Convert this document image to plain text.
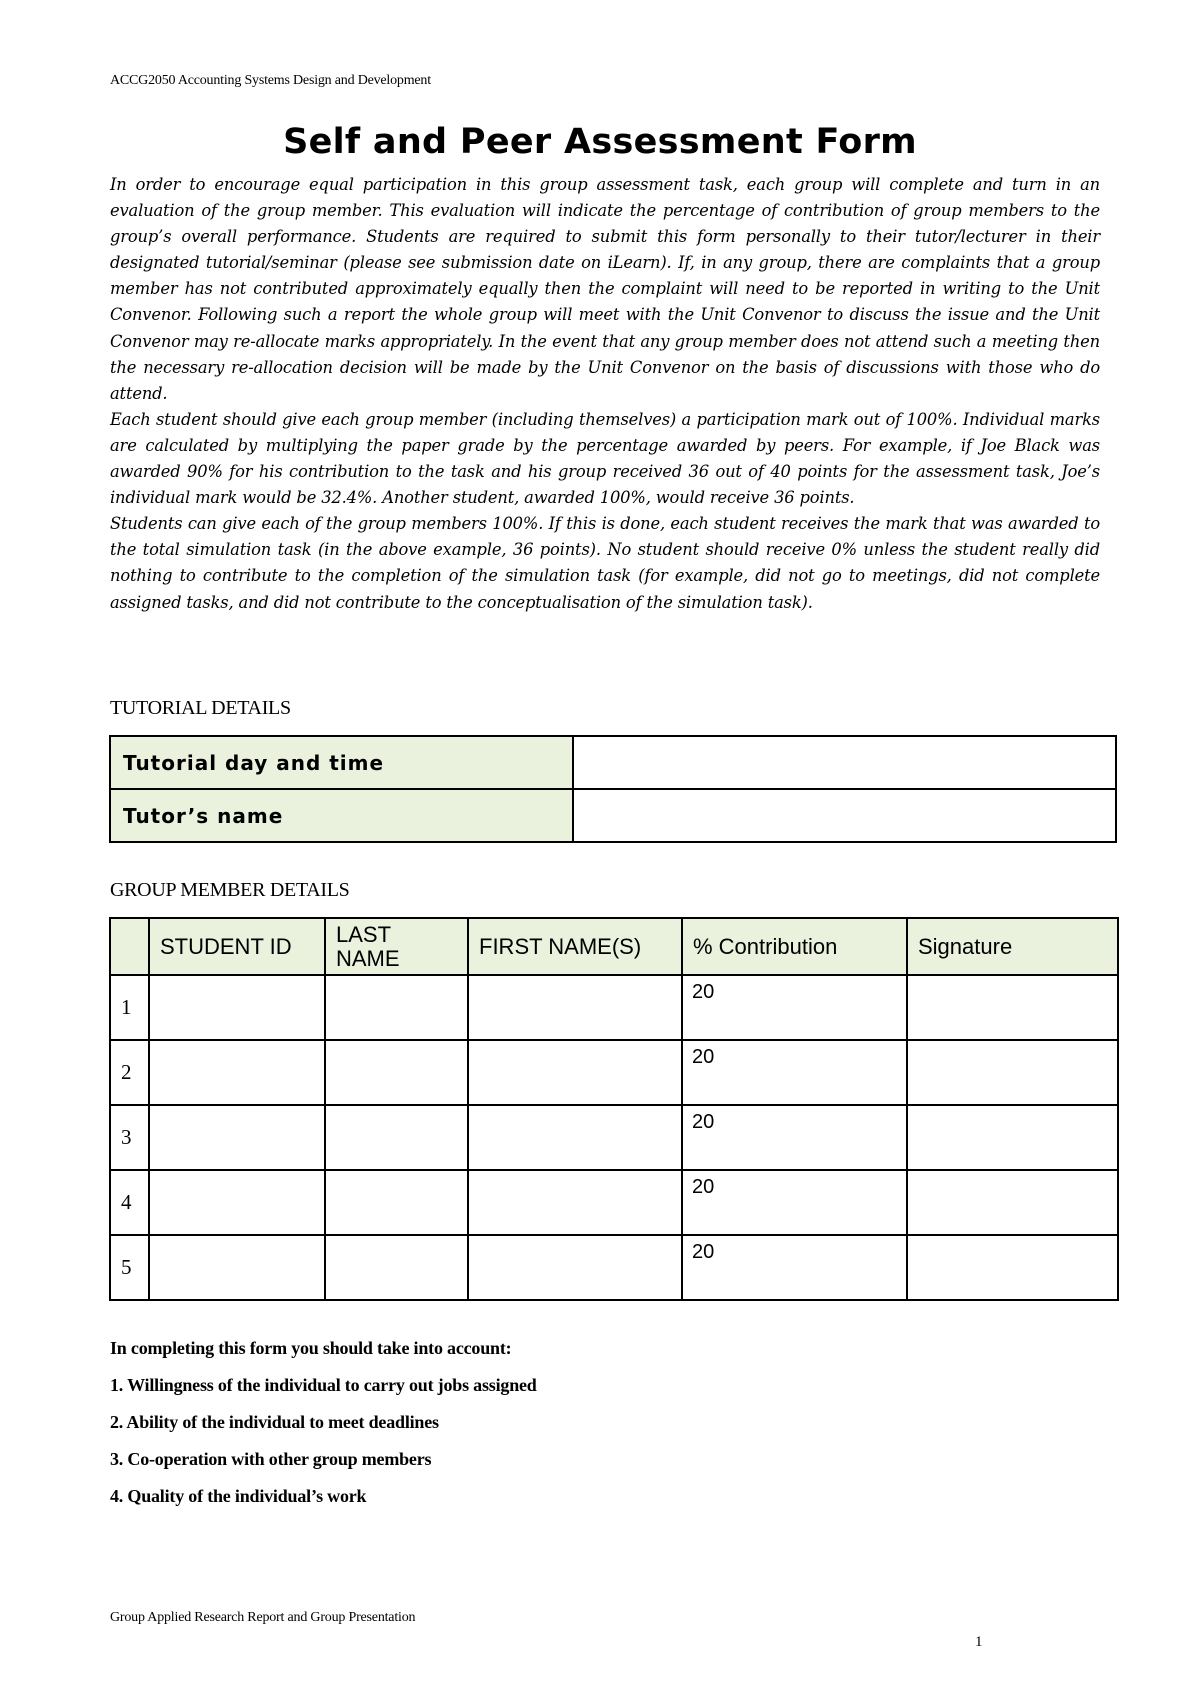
ACCG2050 Accounting Systems Design and Development
Self and Peer Assessment Form

In order to encourage equal participation in this group assessment task, each group will complete and turn in an evaluation of the group member. This evaluation will indicate the percentage of contribution of group members to the group’s overall performance. Students are required to submit this form personally to their tutor/lecturer in their designated tutorial/seminar (please see submission date on iLearn). If, in any group, there are complaints that a group member has not contributed approximately equally then the complaint will need to be reported in writing to the Unit Convenor. Following such a report the whole group will meet with the Unit Convenor to discuss the issue and the Unit Convenor may re-allocate marks appropriately. In the event that any group member does not attend such a meeting then the necessary re-allocation decision will be made by the Unit Convenor on the basis of discussions with those who do attend.

Each student should give each group member (including themselves) a participation mark out of 100%. Individual marks are calculated by multiplying the paper grade by the percentage awarded by peers. For example, if Joe Black was awarded 90% for his contribution to the task and his group received 36 out of 40 points for the assessment task, Joe’s individual mark would be 32.4%. Another student, awarded 100%, would receive 36 points.

Students can give each of the group members 100%. If this is done, each student receives the mark that was awarded to the total simulation task (in the above example, 36 points). No student should receive 0% unless the student really did nothing to contribute to the completion of the simulation task (for example, did not go to meetings, did not complete assigned tasks, and did not contribute to the conceptualisation of the simulation task).

TUTORIAL DETAILS
Tutorial day and time	
Tutor’s name	
GROUP MEMBER DETAILS
	STUDENT ID	LAST NAME	FIRST NAME(S)	% Contribution	Signature
1				20	
2				20	
3				20	
4				20	
5				20	
In completing this form you should take into account:
1. Willingness of the individual to carry out jobs assigned
2. Ability of the individual to meet deadlines
3. Co-operation with other group members
4. Quality of the individual’s work
Group Applied Research Report and Group Presentation
1
